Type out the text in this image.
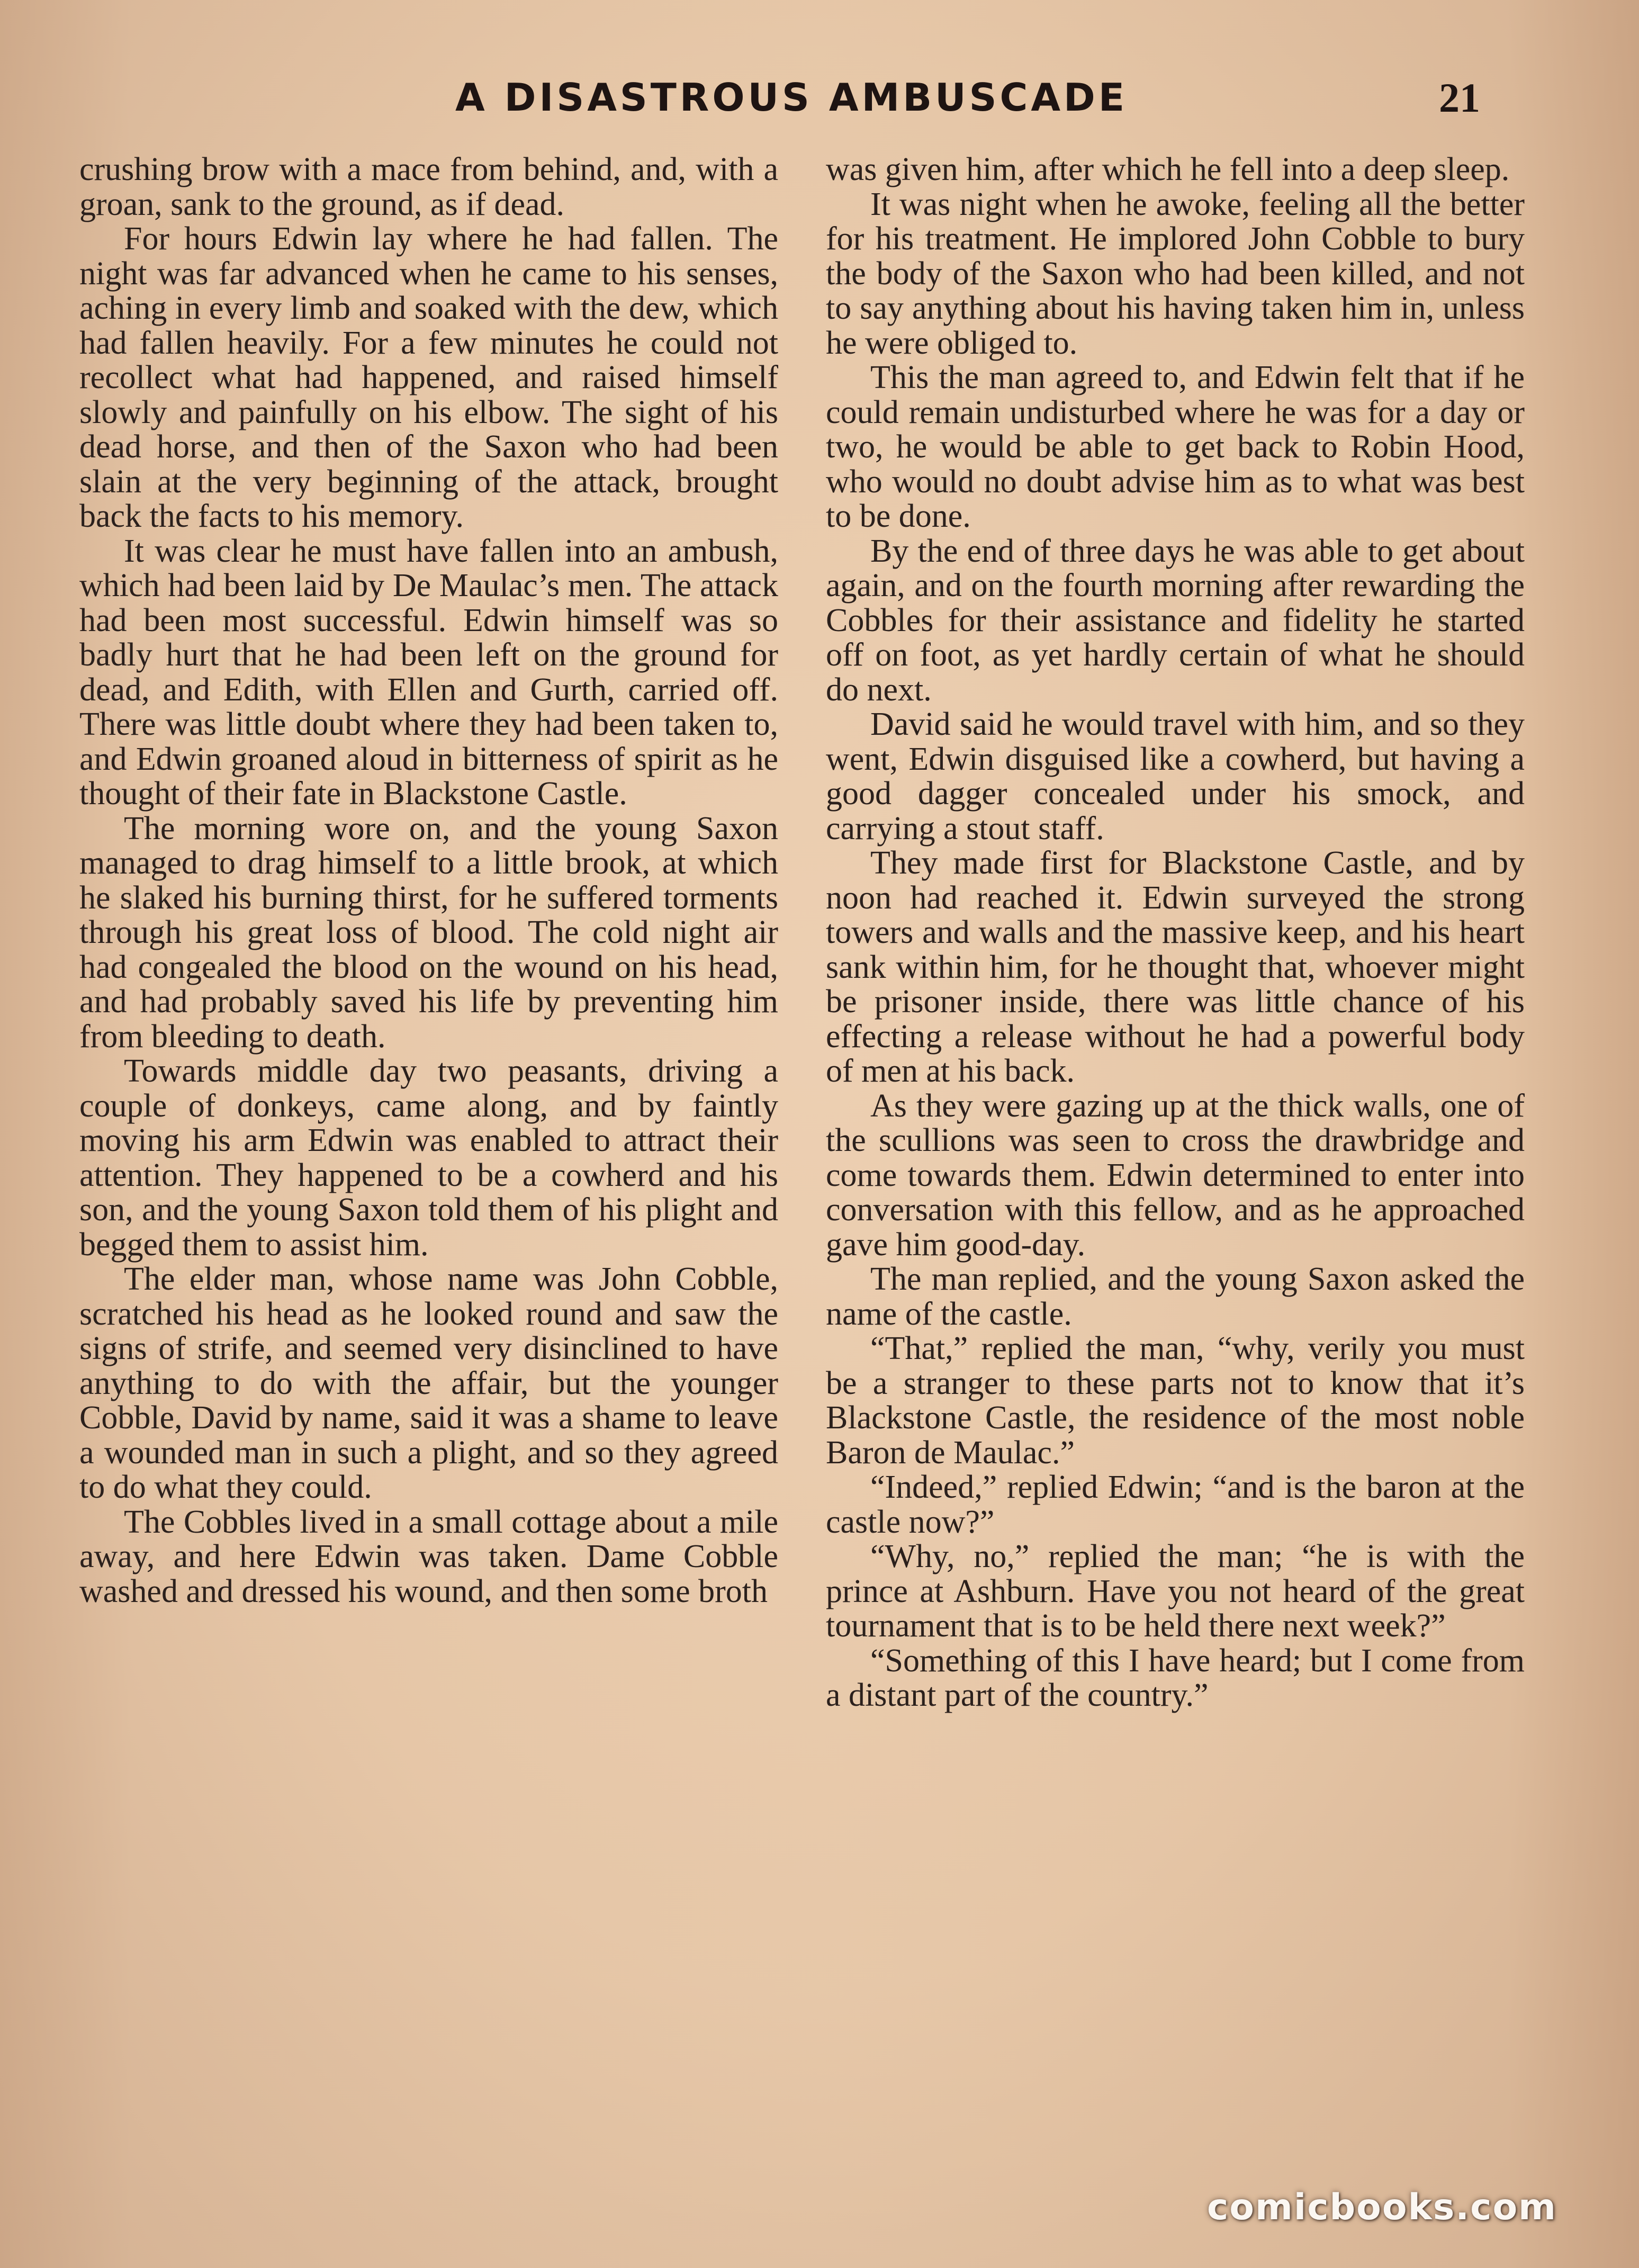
A DISASTROUS AMBUSCADE	21

crushing brow with a mace from behind, and, with a groan, sank to the ground, as if dead.

For hours Edwin lay where he had fallen. The night was far advanced when he came to his senses, aching in every limb and soaked with the dew, which had fallen heavily. For a few minutes he could not recollect what had happened, and raised himself slowly and painfully on his elbow. The sight of his dead horse, and then of the Saxon who had been slain at the very beginning of the attack, brought back the facts to his memory.

It was clear he must have fallen into an ambush, which had been laid by De Maulac’s men. The attack had been most successful. Edwin himself was so badly hurt that he had been left on the ground for dead, and Edith, with Ellen and Gurth, carried off. There was little doubt where they had been taken to, and Edwin groaned aloud in bitterness of spirit as he thought of their fate in Blackstone Castle.

The morning wore on, and the young Saxon managed to drag himself to a little brook, at which he slaked his burning thirst, for he suffered torments through his great loss of blood. The cold night air had congealed the blood on the wound on his head, and had probably saved his life by preventing him from bleeding to death.

Towards middle day two peasants, driving a couple of donkeys, came along, and by faintly moving his arm Edwin was enabled to attract their attention. They happened to be a cowherd and his son, and the young Saxon told them of his plight and begged them to assist him.

The elder man, whose name was John Cobble, scratched his head as he looked round and saw the signs of strife, and seemed very disinclined to have anything to do with the affair, but the younger Cobble, David by name, said it was a shame to leave a wounded man in such a plight, and so they agreed to do what they could.

The Cobbles lived in a small cottage about a mile away, and here Edwin was taken. Dame Cobble washed and dressed his wound, and then some broth

was given him, after which he fell into a deep sleep.

It was night when he awoke, feeling all the better for his treatment. He implored John Cobble to bury the body of the Saxon who had been killed, and not to say anything about his having taken him in, unless he were obliged to.

This the man agreed to, and Edwin felt that if he could remain undisturbed where he was for a day or two, he would be able to get back to Robin Hood, who would no doubt advise him as to what was best to be done.

By the end of three days he was able to get about again, and on the fourth morning after rewarding the Cobbles for their assistance and fidelity he started off on foot, as yet hardly certain of what he should do next.

David said he would travel with him, and so they went, Edwin disguised like a cowherd, but having a good dagger concealed under his smock, and carrying a stout staff.

They made first for Blackstone Castle, and by noon had reached it. Edwin surveyed the strong towers and walls and the massive keep, and his heart sank within him, for he thought that, whoever might be prisoner inside, there was little chance of his effecting a release without he had a powerful body of men at his back.

As they were gazing up at the thick walls, one of the scullions was seen to cross the drawbridge and come towards them. Edwin determined to enter into conversation with this fellow, and as he approached gave him good-day.

The man replied, and the young Saxon asked the name of the castle.

“That,” replied the man, “why, verily you must be a stranger to these parts not to know that it’s Blackstone Castle, the residence of the most noble Baron de Maulac.”

“Indeed,” replied Edwin; “and is the baron at the castle now?”

“Why, no,” replied the man; “he is with the prince at Ashburn. Have you not heard of the great tournament that is to be held there next week?”

“Something of this I have heard; but I come from a distant part of the country.”

comicbooks.com
